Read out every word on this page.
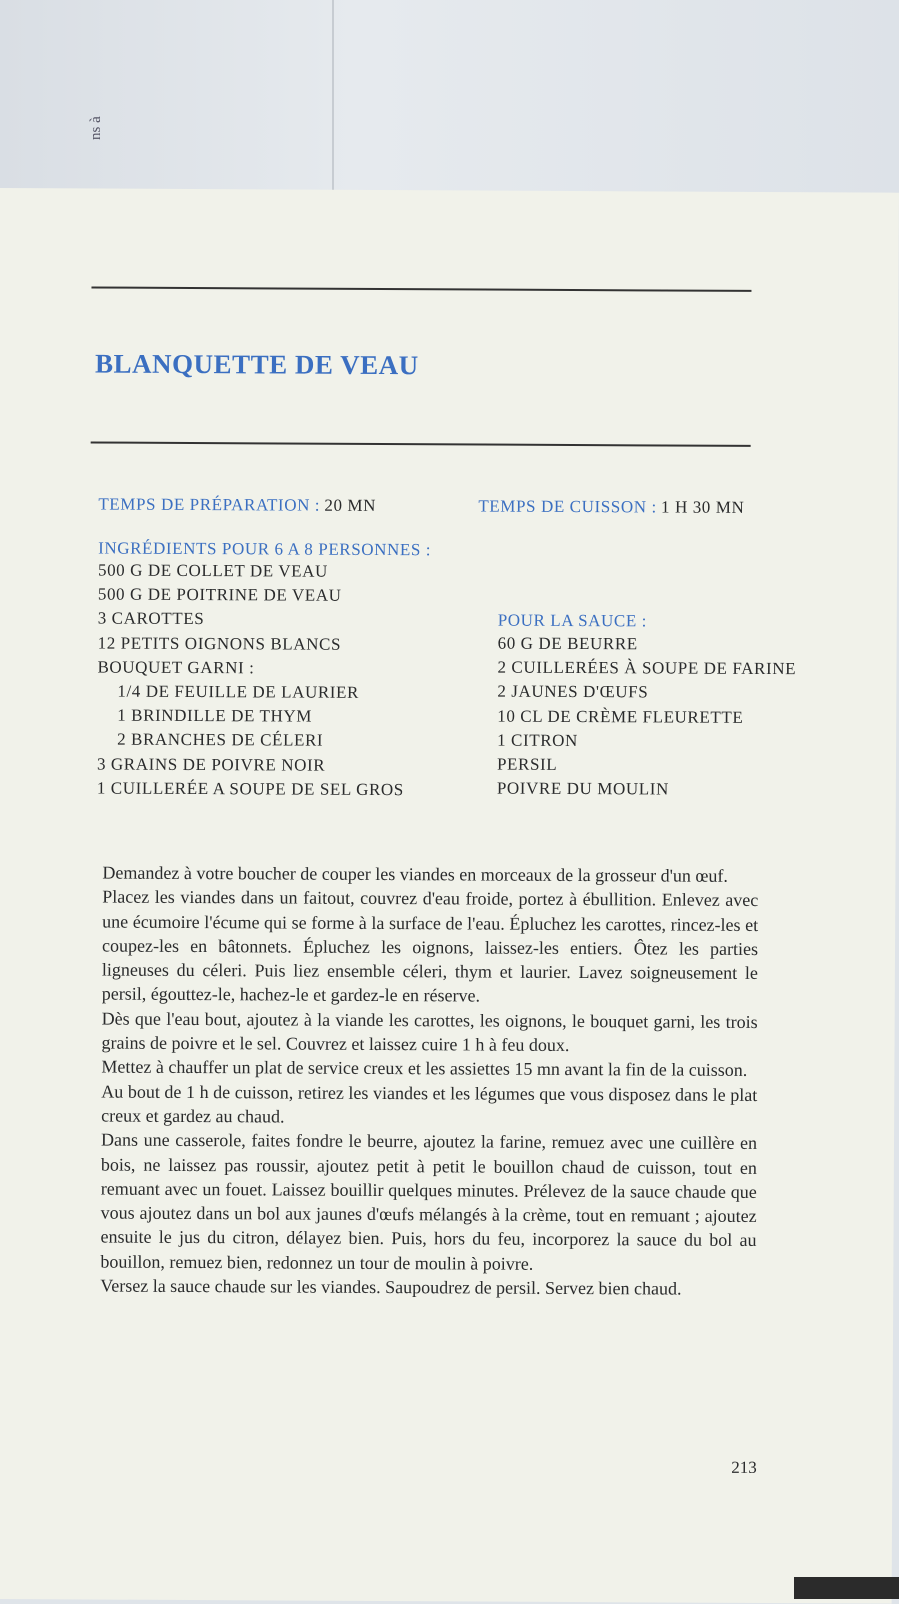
ns à
BLANQUETTE DE VEAU
TEMPS DE PRÉPARATION : 20 MN	TEMPS DE CUISSON : 1 H 30 MN
INGRÉDIENTS POUR 6 A 8 PERSONNES :
500 G DE COLLET DE VEAU
500 G DE POITRINE DE VEAU
3 CAROTTES
12 PETITS OIGNONS BLANCS
BOUQUET GARNI :
1/4 DE FEUILLE DE LAURIER
1 BRINDILLE DE THYM
2 BRANCHES DE CÉLERI
3 GRAINS DE POIVRE NOIR
1 CUILLERÉE A SOUPE DE SEL GROS
POUR LA SAUCE :
60 G DE BEURRE
2 CUILLERÉES À SOUPE DE FARINE
2 JAUNES D'ŒUFS
10 CL DE CRÈME FLEURETTE
1 CITRON
PERSIL
POIVRE DU MOULIN

Demandez à votre boucher de couper les viandes en morceaux de la grosseur d'un œuf.

Placez les viandes dans un faitout, couvrez d'eau froide, portez à ébullition. Enlevez avec une écumoire l'écume qui se forme à la surface de l'eau. Épluchez les carottes, rincez-les et coupez-les en bâtonnets. Épluchez les oignons, laissez-les entiers. Ôtez les parties ligneuses du céleri. Puis liez ensemble céleri, thym et laurier. Lavez soigneusement le persil, égouttez-le, hachez-le et gardez-le en réserve.

Dès que l'eau bout, ajoutez à la viande les carottes, les oignons, le bouquet garni, les trois grains de poivre et le sel. Couvrez et laissez cuire 1 h à feu doux.

Mettez à chauffer un plat de service creux et les assiettes 15 mn avant la fin de la cuisson.

Au bout de 1 h de cuisson, retirez les viandes et les légumes que vous disposez dans le plat creux et gardez au chaud.

Dans une casserole, faites fondre le beurre, ajoutez la farine, remuez avec une cuillère en bois, ne laissez pas roussir, ajoutez petit à petit le bouillon chaud de cuisson, tout en remuant avec un fouet. Laissez bouillir quelques minutes. Prélevez de la sauce chaude que vous ajoutez dans un bol aux jaunes d'œufs mélangés à la crème, tout en remuant ; ajoutez ensuite le jus du citron, délayez bien. Puis, hors du feu, incorporez la sauce du bol au bouillon, remuez bien, redonnez un tour de moulin à poivre.

Versez la sauce chaude sur les viandes. Saupoudrez de persil. Servez bien chaud.

213
